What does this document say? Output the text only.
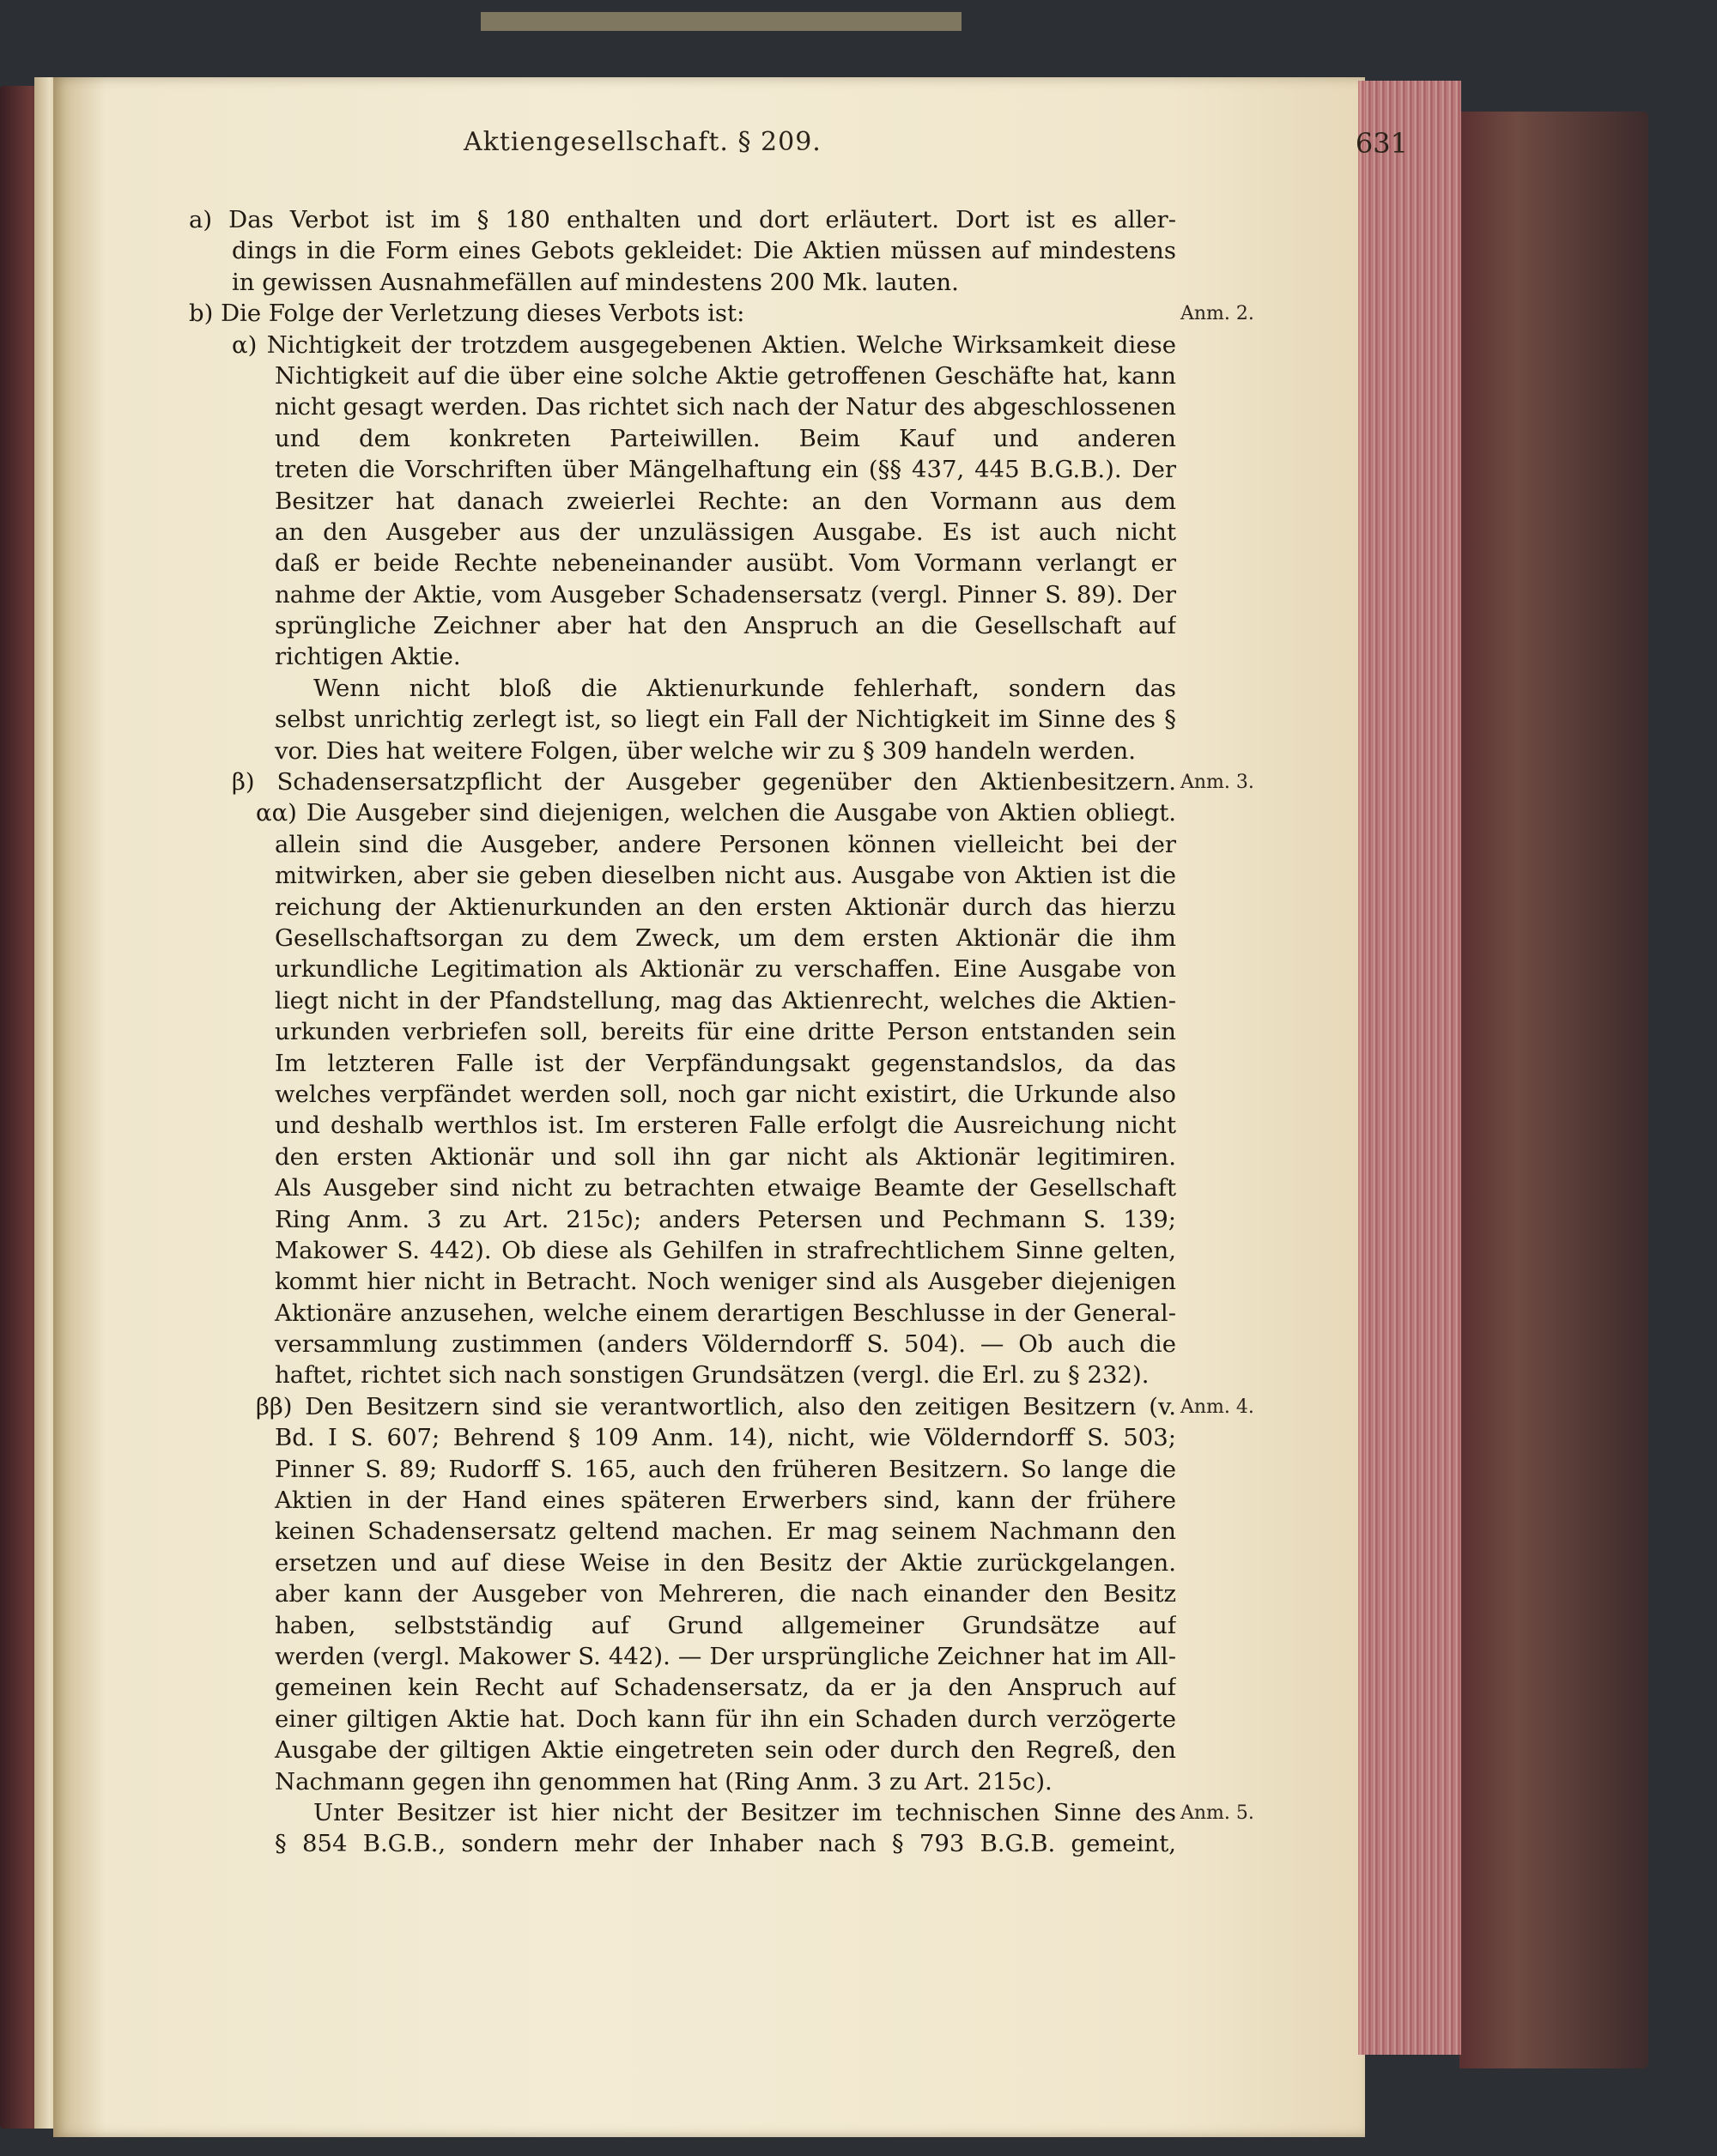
Aktiengesellschaft. § 209.	631
a) Das Verbot ist im § 180 enthalten und dort erläutert. Dort ist es aller-
dings in die Form eines Gebots gekleidet: Die Aktien müssen auf mindestens
in gewissen Ausnahmefällen auf mindestens 200 Mk. lauten.
b) Die Folge der Verletzung dieses Verbots ist:
α) Nichtigkeit der trotzdem ausgegebenen Aktien. Welche Wirksamkeit diese
Nichtigkeit auf die über eine solche Aktie getroffenen Geschäfte hat, kann
nicht gesagt werden. Das richtet sich nach der Natur des abgeschlossenen
und dem konkreten Parteiwillen. Beim Kauf und anderen
treten die Vorschriften über Mängelhaftung ein (§§ 437, 445 B.G.B.). Der
Besitzer hat danach zweierlei Rechte: an den Vormann aus dem
an den Ausgeber aus der unzulässigen Ausgabe. Es ist auch nicht
daß er beide Rechte nebeneinander ausübt. Vom Vormann verlangt er
nahme der Aktie, vom Ausgeber Schadensersatz (vergl. Pinner S. 89). Der
sprüngliche Zeichner aber hat den Anspruch an die Gesellschaft auf
richtigen Aktie.
Wenn nicht bloß die Aktienurkunde fehlerhaft, sondern das
selbst unrichtig zerlegt ist, so liegt ein Fall der Nichtigkeit im Sinne des §
vor. Dies hat weitere Folgen, über welche wir zu § 309 handeln werden.
β) Schadensersatzpflicht der Ausgeber gegenüber den Aktienbesitzern.
αα) Die Ausgeber sind diejenigen, welchen die Ausgabe von Aktien obliegt.
allein sind die Ausgeber, andere Personen können vielleicht bei der
mitwirken, aber sie geben dieselben nicht aus. Ausgabe von Aktien ist die
reichung der Aktienurkunden an den ersten Aktionär durch das hierzu
Gesellschaftsorgan zu dem Zweck, um dem ersten Aktionär die ihm
urkundliche Legitimation als Aktionär zu verschaffen. Eine Ausgabe von
liegt nicht in der Pfandstellung, mag das Aktienrecht, welches die Aktien-
urkunden verbriefen soll, bereits für eine dritte Person entstanden sein
Im letzteren Falle ist der Verpfändungsakt gegenstandslos, da das
welches verpfändet werden soll, noch gar nicht existirt, die Urkunde also
und deshalb werthlos ist. Im ersteren Falle erfolgt die Ausreichung nicht
den ersten Aktionär und soll ihn gar nicht als Aktionär legitimiren.
Als Ausgeber sind nicht zu betrachten etwaige Beamte der Gesellschaft
Ring Anm. 3 zu Art. 215c); anders Petersen und Pechmann S. 139;
Makower S. 442). Ob diese als Gehilfen in strafrechtlichem Sinne gelten,
kommt hier nicht in Betracht. Noch weniger sind als Ausgeber diejenigen
Aktionäre anzusehen, welche einem derartigen Beschlusse in der General-
versammlung zustimmen (anders Völderndorff S. 504). — Ob auch die
haftet, richtet sich nach sonstigen Grundsätzen (vergl. die Erl. zu § 232).
ββ) Den Besitzern sind sie verantwortlich, also den zeitigen Besitzern (v.
Bd. I S. 607; Behrend § 109 Anm. 14), nicht, wie Völderndorff S. 503;
Pinner S. 89; Rudorff S. 165, auch den früheren Besitzern. So lange die
Aktien in der Hand eines späteren Erwerbers sind, kann der frühere
keinen Schadensersatz geltend machen. Er mag seinem Nachmann den
ersetzen und auf diese Weise in den Besitz der Aktie zurückgelangen.
aber kann der Ausgeber von Mehreren, die nach einander den Besitz
haben, selbstständig auf Grund allgemeiner Grundsätze auf
werden (vergl. Makower S. 442). — Der ursprüngliche Zeichner hat im All-
gemeinen kein Recht auf Schadensersatz, da er ja den Anspruch auf
einer giltigen Aktie hat. Doch kann für ihn ein Schaden durch verzögerte
Ausgabe der giltigen Aktie eingetreten sein oder durch den Regreß, den
Nachmann gegen ihn genommen hat (Ring Anm. 3 zu Art. 215c).
Unter Besitzer ist hier nicht der Besitzer im technischen Sinne des
§ 854 B.G.B., sondern mehr der Inhaber nach § 793 B.G.B. gemeint,
Anm. 2.
Anm. 3.
Anm. 4.
Anm. 5.
